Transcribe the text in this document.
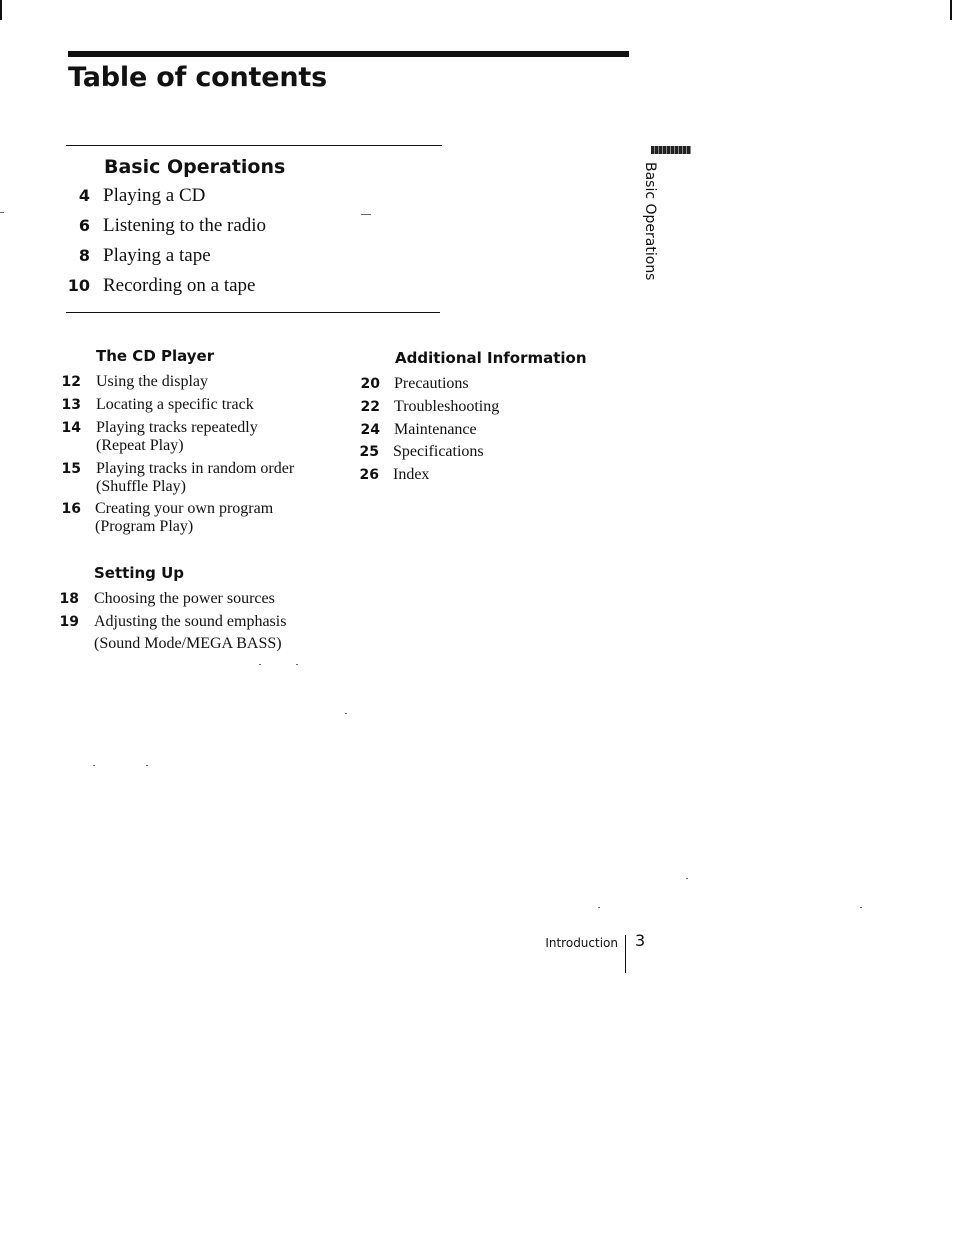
Table of contents
Basic Operations
4 Playing a CD
6 Listening to the radio
8 Playing a tape
10 Recording on a tape
The CD Player
12 Using the display
13 Locating a specific track
14 Playing tracks repeatedly
(Repeat Play)
15 Playing tracks in random order
(Shuffle Play)
16 Creating your own program
(Program Play)
Setting Up
18 Choosing the power sources
19 Adjusting the sound emphasis
(Sound Mode/MEGA BASS)
Additional Information
20 Precautions
22 Troubleshooting
24 Maintenance
25 Specifications
26 Index
Basic Operations
Introduction 3
